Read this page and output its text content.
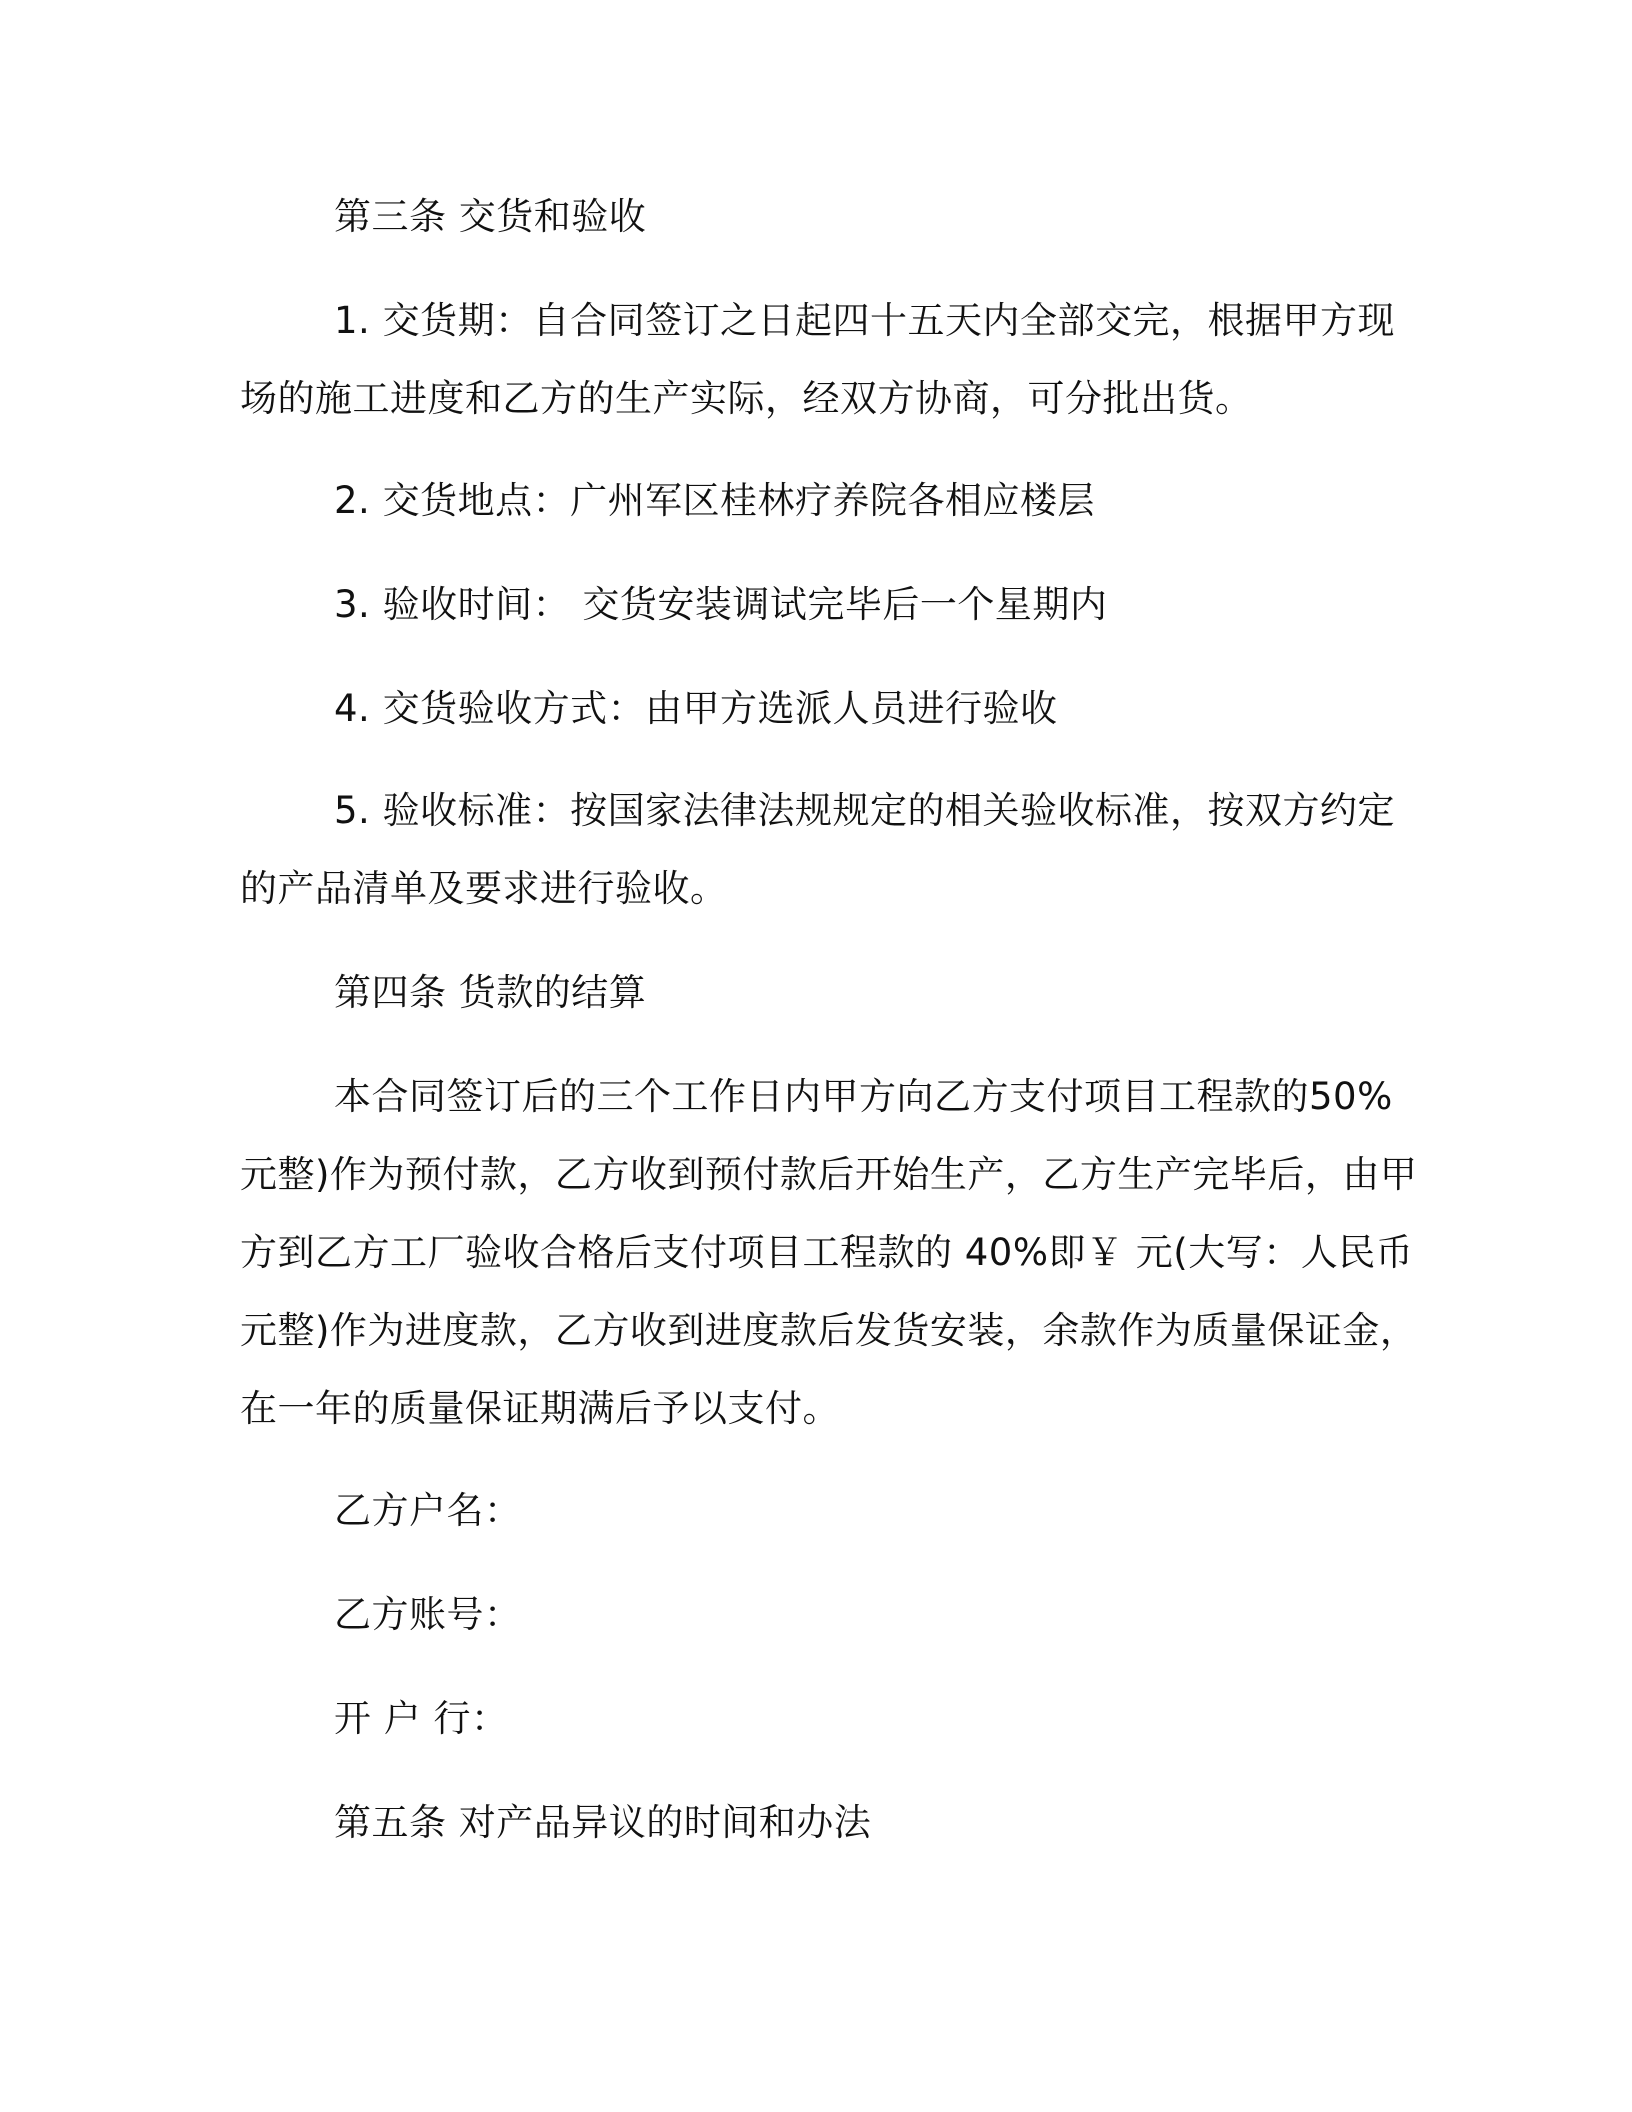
第三条 交货和验收

1. 交货期：自合同签订之日起四十五天内全部交完，根据甲方现场的施工进度和乙方的生产实际，经双方协商，可分批出货。

2. 交货地点：广州军区桂林疗养院各相应楼层

3. 验收时间： 交货安装调试完毕后一个星期内

4. 交货验收方式：由甲方选派人员进行验收

5. 验收标准：按国家法律法规规定的相关验收标准，按双方约定的产品清单及要求进行验收。

第四条 货款的结算

本合同签订后的三个工作日内甲方向乙方支付项目工程款的50%元整)作为预付款，乙方收到预付款后开始生产，乙方生产完毕后，由甲方到乙方工厂验收合格后支付项目工程款的 40%即￥ 元(大写：人民币 元整)作为进度款，乙方收到进度款后发货安装，余款作为质量保证金，在一年的质量保证期满后予以支付。

乙方户名：

乙方账号：

开 户 行：

第五条 对产品异议的时间和办法
